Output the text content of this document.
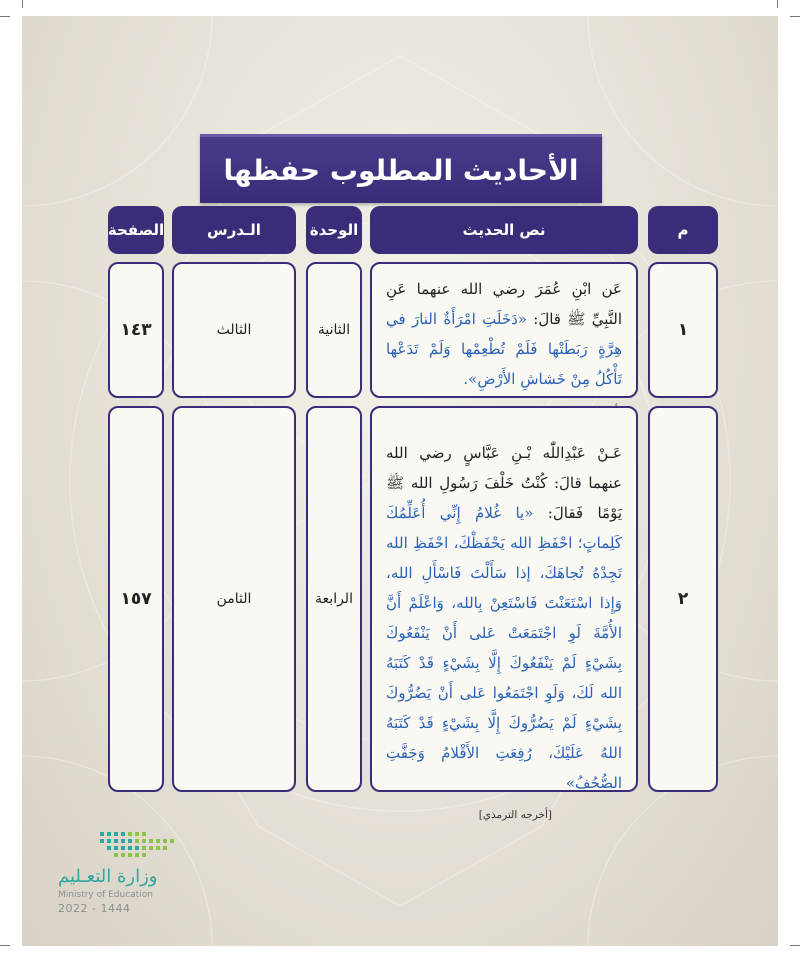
الأحاديث المطلوب حفظها
م
نص الحديث
الوحدة
الـدرس
الصفحة
١
عَن ابْنِ عُمَرَ رضي الله عنهما عَنِ النَّبِيِّ ﷺ قالَ: «دَخَلَتِ امْرَأَةٌ النارَ في هِرَّةٍ رَبَطَتْها فَلَمْ تُطْعِمْها وَلَمْ تَدَعْها تَأْكُلُ مِنْ خَشاشِ الأَرْضِ».

الثانية
الثالث
١٤٣
٢
عَـنْ عَبْدِاللّٰه بْـنِ عَبَّاسٍ رضي الله عنهما قالَ: كُنْتُ خَلْفَ رَسُولِ الله ﷺ يَوْمًا فَقالَ: «يا غُلامُ إِنِّي أُعَلِّمُكَ كَلِماتٍ؛ احْفَظِ الله يَحْفَظْكَ، احْفَظِ الله تَجِدْهُ تُجاهَكَ، إذا سَأَلْتَ فَاسْأَلِ الله، وَإِذا اسْتَعَنْتَ فَاسْتَعِنْ بِالله، وَاعْلَمْ أَنَّ الأُمَّةَ لَوِ اجْتَمَعَتْ عَلى أَنْ يَنْفَعُوكَ بِشَيْءٍ لَمْ يَنْفَعُوكَ إِلَّا بِشَيْءٍ قَدْ كَتَبَهُ الله لَكَ، وَلَوِ اجْتَمَعُوا عَلى أَنْ يَضُرُّوكَ بِشَيْءٍ لَمْ يَضُرُّوكَ إِلَّا بِشَيْءٍ قَدْ كَتَبَهُ اللهُ عَلَيْكَ، رُفِعَتِ الأَقْلامُ وَجَفَّتِ الصُّحُفُ»
[أخرجه الترمذي]
الرابعة
الثامن
١٥٧
وزارة التعـليم
Ministry of Education
2022 - 1444
